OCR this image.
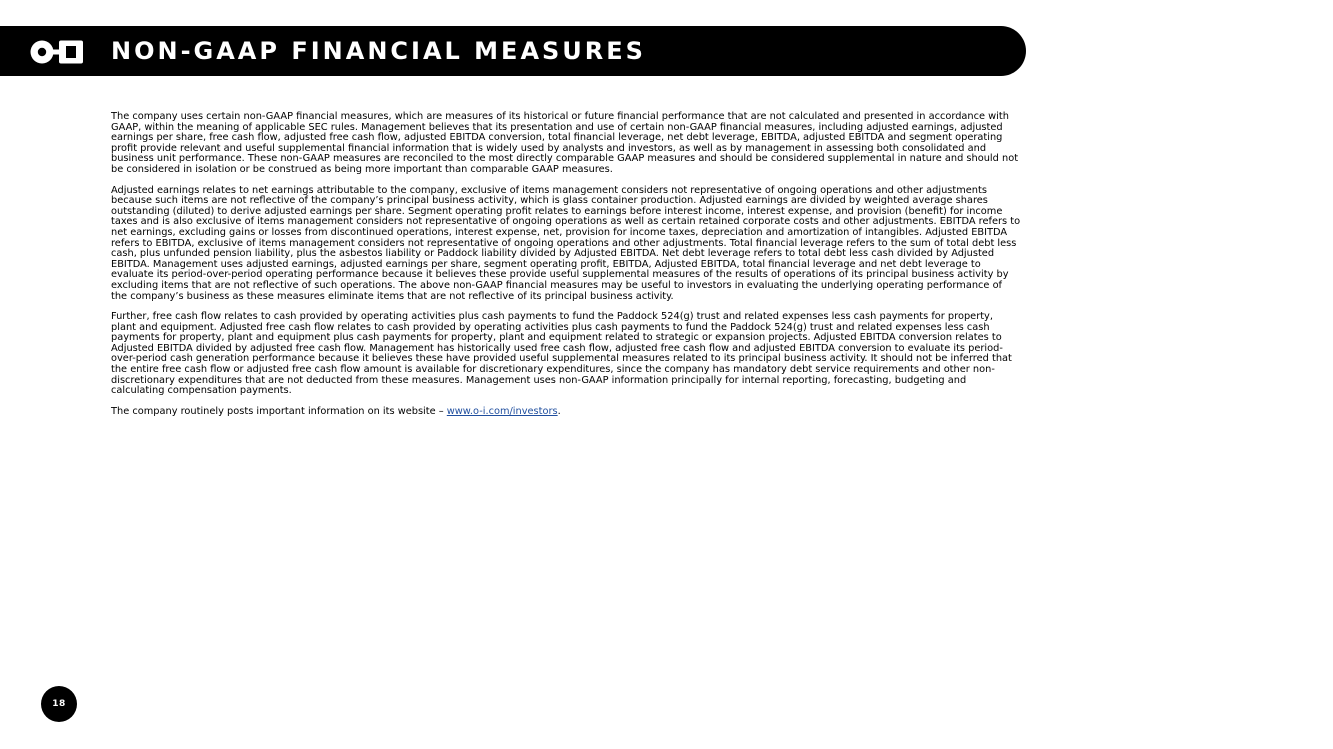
NON-GAAP FINANCIAL MEASURES

The company uses certain non-GAAP financial measures, which are measures of its historical or future financial performance that are not calculated and presented in accordance with GAAP, within the meaning of applicable SEC rules. Management believes that its presentation and use of certain non-GAAP financial measures, including adjusted earnings, adjusted earnings per share, free cash flow, adjusted free cash flow, adjusted EBITDA conversion, total financial leverage, net debt leverage, EBITDA, adjusted EBITDA and segment operating profit provide relevant and useful supplemental financial information that is widely used by analysts and investors, as well as by management in assessing both consolidated and business unit performance. These non-GAAP measures are reconciled to the most directly comparable GAAP measures and should be considered supplemental in nature and should not be considered in isolation or be construed as being more important than comparable GAAP measures.

Adjusted earnings relates to net earnings attributable to the company, exclusive of items management considers not representative of ongoing operations and other adjustments because such items are not reflective of the company’s principal business activity, which is glass container production. Adjusted earnings are divided by weighted average shares outstanding (diluted) to derive adjusted earnings per share. Segment operating profit relates to earnings before interest income, interest expense, and provision (benefit) for income taxes and is also exclusive of items management considers not representative of ongoing operations as well as certain retained corporate costs and other adjustments. EBITDA refers to net earnings, excluding gains or losses from discontinued operations, interest expense, net, provision for income taxes, depreciation and amortization of intangibles. Adjusted EBITDA refers to EBITDA, exclusive of items management considers not representative of ongoing operations and other adjustments. Total financial leverage refers to the sum of total debt less cash, plus unfunded pension liability, plus the asbestos liability or Paddock liability divided by Adjusted EBITDA. Net debt leverage refers to total debt less cash divided by Adjusted EBITDA. Management uses adjusted earnings, adjusted earnings per share, segment operating profit, EBITDA, Adjusted EBITDA, total financial leverage and net debt leverage to evaluate its period-over-period operating performance because it believes these provide useful supplemental measures of the results of operations of its principal business activity by excluding items that are not reflective of such operations. The above non-GAAP financial measures may be useful to investors in evaluating the underlying operating performance of the company’s business as these measures eliminate items that are not reflective of its principal business activity.

Further, free cash flow relates to cash provided by operating activities plus cash payments to fund the Paddock 524(g) trust and related expenses less cash payments for property, plant and equipment. Adjusted free cash flow relates to cash provided by operating activities plus cash payments to fund the Paddock 524(g) trust and related expenses less cash payments for property, plant and equipment plus cash payments for property, plant and equipment related to strategic or expansion projects. Adjusted EBITDA conversion relates to Adjusted EBITDA divided by adjusted free cash flow. Management has historically used free cash flow, adjusted free cash flow and adjusted EBITDA conversion to evaluate its period-over-period cash generation performance because it believes these have provided useful supplemental measures related to its principal business activity. It should not be inferred that the entire free cash flow or adjusted free cash flow amount is available for discretionary expenditures, since the company has mandatory debt service requirements and other non-discretionary expenditures that are not deducted from these measures. Management uses non-GAAP information principally for internal reporting, forecasting, budgeting and calculating compensation payments.

The company routinely posts important information on its website – www.o-i.com/investors.

18
